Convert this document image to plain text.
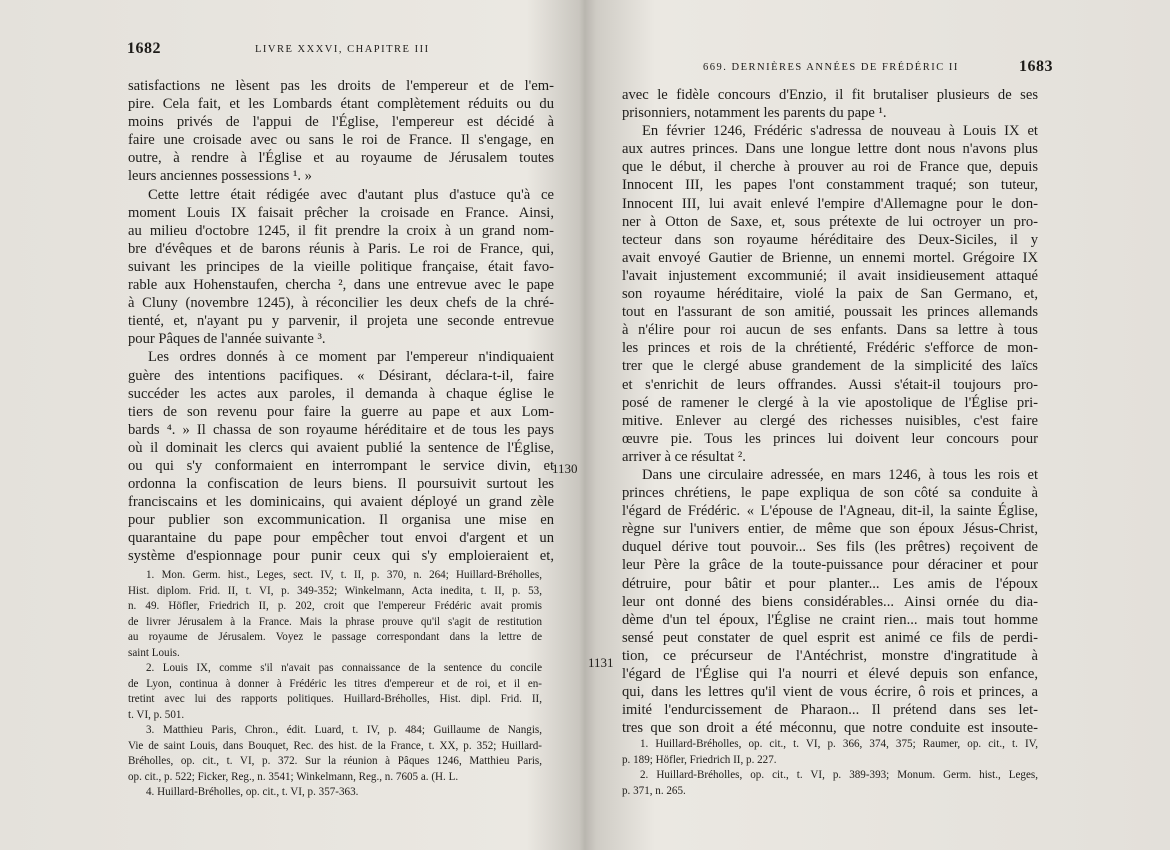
1682	LIVRE XXXVI, CHAPITRE III
satisfactions ne lèsent pas les droits de l'empereur et de l'em-
pire. Cela fait, et les Lombards étant complètement réduits ou du
moins privés de l'appui de l'Église, l'empereur est décidé à
faire une croisade avec ou sans le roi de France. Il s'engage, en
outre, à rendre à l'Église et au royaume de Jérusalem toutes
leurs anciennes possessions ¹. »
Cette lettre était rédigée avec d'autant plus d'astuce qu'à ce
moment Louis IX faisait prêcher la croisade en France. Ainsi,
au milieu d'octobre 1245, il fit prendre la croix à un grand nom-
bre d'évêques et de barons réunis à Paris. Le roi de France, qui,
suivant les principes de la vieille politique française, était favo-
rable aux Hohenstaufen, chercha ², dans une entrevue avec le pape
à Cluny (novembre 1245), à réconcilier les deux chefs de la chré-
tienté, et, n'ayant pu y parvenir, il projeta une seconde entrevue
pour Pâques de l'année suivante ³.
Les ordres donnés à ce moment par l'empereur n'indiquaient
guère des intentions pacifiques. « Désirant, déclara-t-il, faire
succéder les actes aux paroles, il demanda à chaque église le
tiers de son revenu pour faire la guerre au pape et aux Lom-
bards ⁴. » Il chassa de son royaume héréditaire et de tous les pays
où il dominait les clercs qui avaient publié la sentence de l'Église,
ou qui s'y conformaient en interrompant le service divin, et
ordonna la confiscation de leurs biens. Il poursuivit surtout les
franciscains et les dominicains, qui avaient déployé un grand zèle
pour publier son excommunication. Il organisa une mise en
quarantaine du pape pour empêcher tout envoi d'argent et un
système d'espionnage pour punir ceux qui s'y emploieraient et,
1. Mon. Germ. hist., Leges, sect. IV, t. II, p. 370, n. 264; Huillard-Bréholles,
Hist. diplom. Frid. II, t. VI, p. 349-352; Winkelmann, Acta inedita, t. II, p. 53,
n. 49. Höfler, Friedrich II, p. 202, croit que l'empereur Frédéric avait promis
de livrer Jérusalem à la France. Mais la phrase prouve qu'il s'agit de restitution
au royaume de Jérusalem. Voyez le passage correspondant dans la lettre de
saint Louis.
2. Louis IX, comme s'il n'avait pas connaissance de la sentence du concile
de Lyon, continua à donner à Frédéric les titres d'empereur et de roi, et il en-
tretint avec lui des rapports politiques. Huillard-Bréholles, Hist. dipl. Frid. II,
t. VI, p. 501.
3. Matthieu Paris, Chron., édit. Luard, t. IV, p. 484; Guillaume de Nangis,
Vie de saint Louis, dans Bouquet, Rec. des hist. de la France, t. XX, p. 352; Huillard-
Bréholles, op. cit., t. VI, p. 372. Sur la réunion à Pâques 1246, Matthieu Paris,
op. cit., p. 522; Ficker, Reg., n. 3541; Winkelmann, Reg., n. 7605 a. (H. L.
4. Huillard-Bréholles, op. cit., t. VI, p. 357-363.
669. DERNIÈRES ANNÉES DE FRÉDÉRIC II	1683
avec le fidèle concours d'Enzio, il fit brutaliser plusieurs de ses
prisonniers, notamment les parents du pape ¹.
En février 1246, Frédéric s'adressa de nouveau à Louis IX et
aux autres princes. Dans une longue lettre dont nous n'avons plus
que le début, il cherche à prouver au roi de France que, depuis
Innocent III, les papes l'ont constamment traqué; son tuteur,
Innocent III, lui avait enlevé l'empire d'Allemagne pour le don-
ner à Otton de Saxe, et, sous prétexte de lui octroyer un pro-
tecteur dans son royaume héréditaire des Deux-Siciles, il y
avait envoyé Gautier de Brienne, un ennemi mortel. Grégoire IX
l'avait injustement excommunié; il avait insidieusement attaqué
son royaume héréditaire, violé la paix de San Germano, et,
tout en l'assurant de son amitié, poussait les princes allemands
à n'élire pour roi aucun de ses enfants. Dans sa lettre à tous
les princes et rois de la chrétienté, Frédéric s'efforce de mon-
trer que le clergé abuse grandement de la simplicité des laïcs
et s'enrichit de leurs offrandes. Aussi s'était-il toujours pro-
posé de ramener le clergé à la vie apostolique de l'Église pri-
mitive. Enlever au clergé des richesses nuisibles, c'est faire
œuvre pie. Tous les princes lui doivent leur concours pour
arriver à ce résultat ².
Dans une circulaire adressée, en mars 1246, à tous les rois et
princes chrétiens, le pape expliqua de son côté sa conduite à
l'égard de Frédéric. « L'épouse de l'Agneau, dit-il, la sainte Église,
règne sur l'univers entier, de même que son époux Jésus-Christ,
duquel dérive tout pouvoir... Ses fils (les prêtres) reçoivent de
leur Père la grâce de la toute-puissance pour déraciner et pour
détruire, pour bâtir et pour planter... Les amis de l'époux
leur ont donné des biens considérables... Ainsi ornée du dia-
dème d'un tel époux, l'Église ne craint rien... mais tout homme
sensé peut constater de quel esprit est animé ce fils de perdi-
tion, ce précurseur de l'Antéchrist, monstre d'ingratitude à
l'égard de l'Église qui l'a nourri et élevé depuis son enfance,
qui, dans les lettres qu'il vient de vous écrire, ô rois et princes, a
imité l'endurcissement de Pharaon... Il prétend dans ses let-
tres que son droit a été méconnu, que notre conduite est insoute-
1. Huillard-Bréholles, op. cit., t. VI, p. 366, 374, 375; Raumer, op. cit., t. IV,
p. 189; Höfler, Friedrich II, p. 227.
2. Huillard-Bréholles, op. cit., t. VI, p. 389-393; Monum. Germ. hist., Leges,
p. 371, n. 265.
1130
1131
